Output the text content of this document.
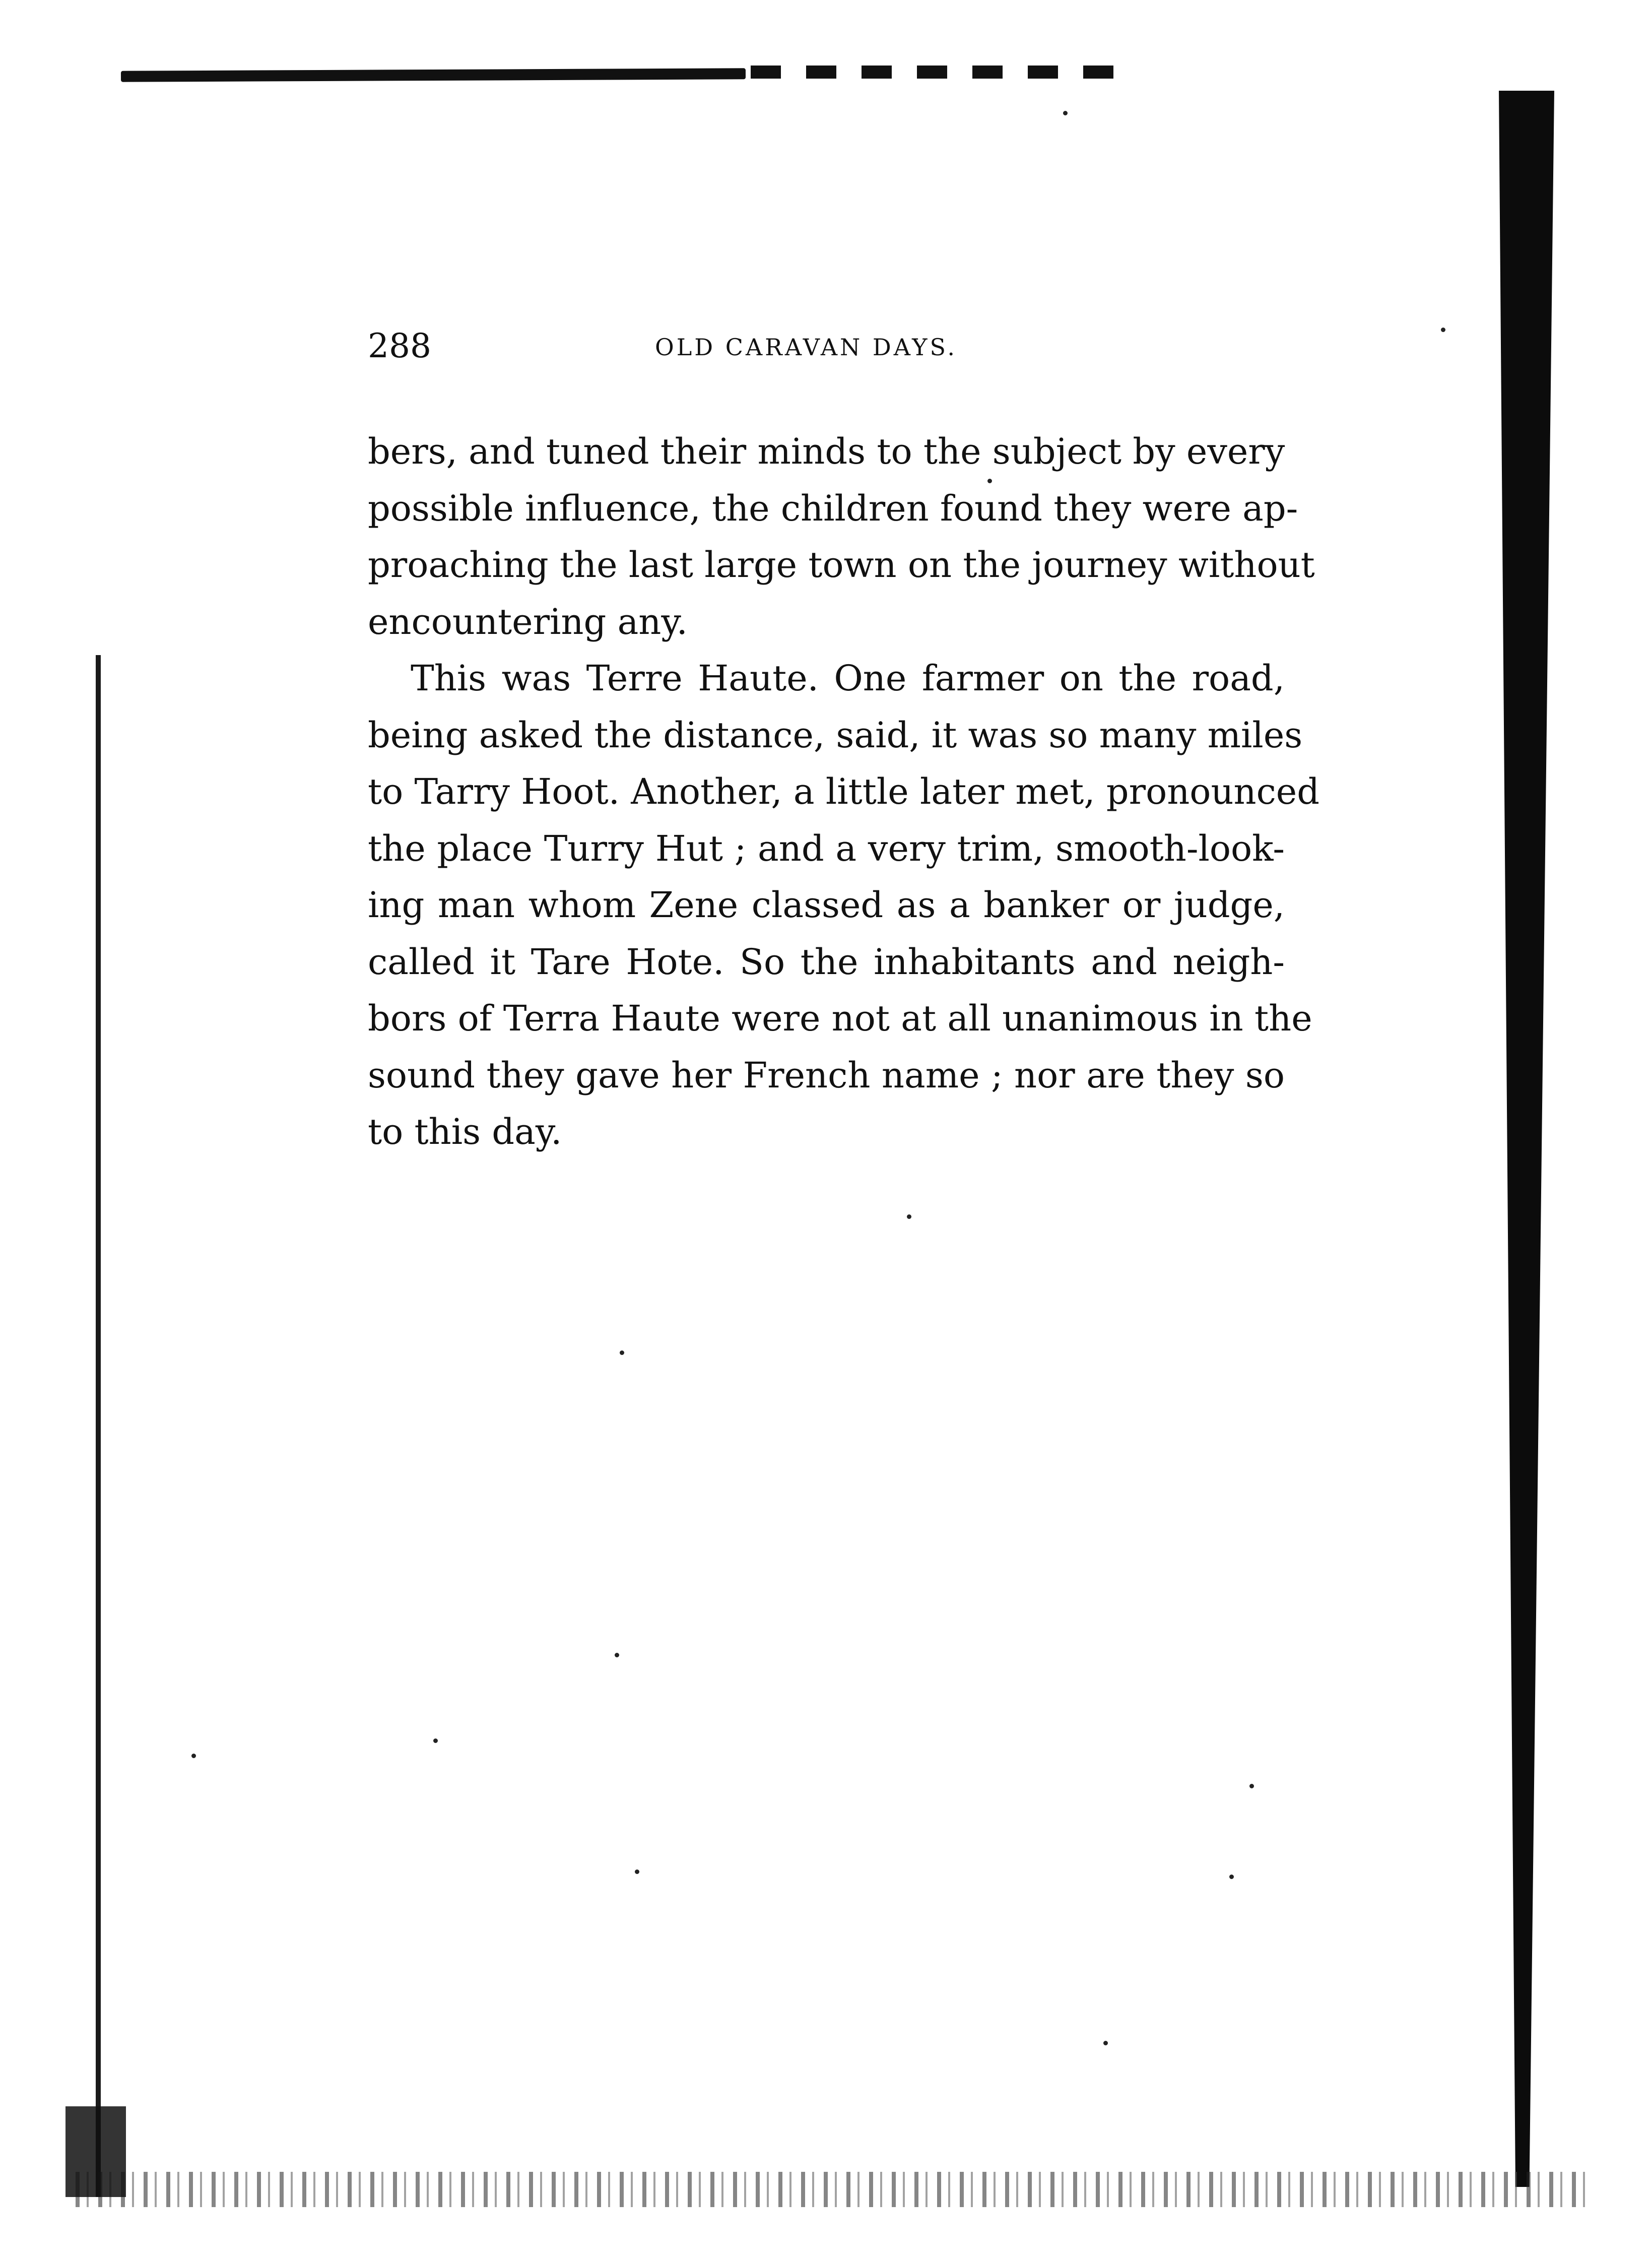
288	OLD CARAVAN DAYS.
bers, and tuned their minds to the subject by every
possible influence, the children found they were ap-
proaching the last large town on the journey without
encountering any.
This was Terre Haute. One farmer on the road,
being asked the distance, said, it was so many miles
to Tarry Hoot. Another, a little later met, pronounced
the place Turry Hut ; and a very trim, smooth-look-
ing man whom Zene classed as a banker or judge,
called it Tare Hote. So the inhabitants and neigh-
bors of Terra Haute were not at all unanimous in the
sound they gave her French name ; nor are they so
to this day.
